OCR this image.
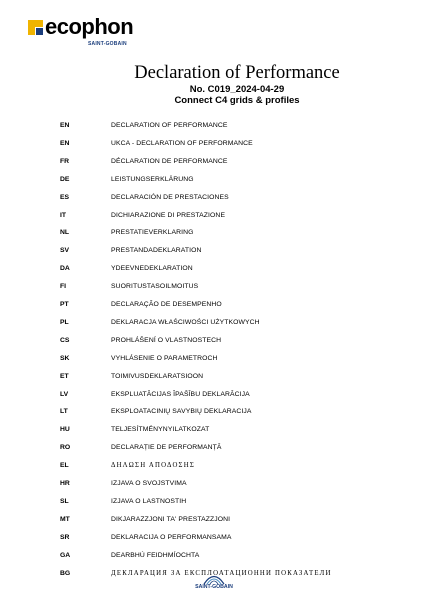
ecophon
SAINT-GOBAIN
Declaration of Performance
No. C019_2024-04-29
Connect C4 grids & profiles
EN	DECLARATION OF PERFORMANCE
EN	UKCA - DECLARATION OF PERFORMANCE
FR	DÉCLARATION DE PERFORMANCE
DE	LEISTUNGSERKLÄRUNG
ES	DECLARACIÓN DE PRESTACIONES
IT	DICHIARAZIONE DI PRESTAZIONE
NL	PRESTATIEVERKLARING
SV	PRESTANDADEKLARATION
DA	YDEEVNEDEKLARATION
FI	SUORITUSTASOILMOITUS
PT	DECLARAÇÃO DE DESEMPENHO
PL	DEKLARACJA WŁAŚCIWOŚCI UŻYTKOWYCH
CS	PROHLÁŠENÍ O VLASTNOSTECH
SK	VYHLÁSENIE O PARAMETROCH
ET	TOIMIVUSDEKLARATSIOON
LV	EKSPLUATĀCIJAS ĪPAŠĪBU DEKLARĀCIJA
LT	EKSPLOATACINIŲ SAVYBIŲ DEKLARACIJA
HU	TELJESÍTMÉNYNYILATKOZAT
RO	DECLARAȚIE DE PERFORMANȚĂ
EL	ΔΗΛΩΣΗ ΑΠΟΔΟΣΗΣ
HR	IZJAVA O SVOJSTVIMA
SL	IZJAVA O LASTNOSTIH
MT	DIKJARAZZJONI TA' PRESTAZZJONI
SR	DEKLARACIJA O PERFORMANSAMA
GA	DEARBHÚ FEIDHMÍOCHTA
BG	ДЕКЛАРАЦИЯ ЗА ЕКСПЛОАТАЦИОННИ ПОКАЗАТЕЛИ
SAINT-GOBAIN
